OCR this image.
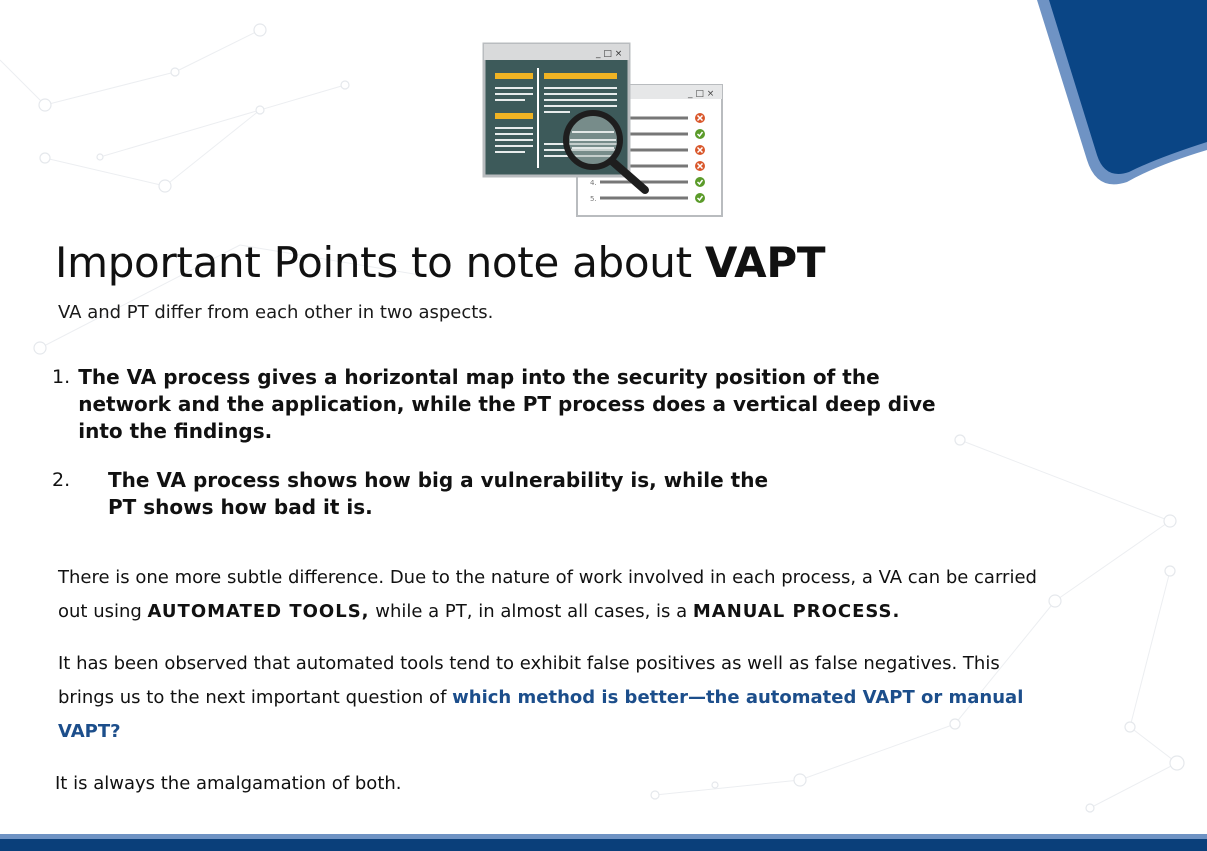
_ □ ×
4.
5.
_ □ ×
Important Points to note about VAPT
VA and PT differ from each other in two aspects.
1. The VA process gives a horizontal map into the security position of the network and the application, while the PT process does a vertical deep dive into the findings.
2.	The VA process shows how big a vulnerability is, while the PT shows how bad it is.
There is one more subtle difference. Due to the nature of work involved in each process, a VA can be carried out using AUTOMATED TOOLS, while a PT, in almost all cases, is a MANUAL PROCESS.
It has been observed that automated tools tend to exhibit false positives as well as false negatives. This brings us to the next important question of which method is better—the automated VAPT or manual VAPT?
It is always the amalgamation of both.
